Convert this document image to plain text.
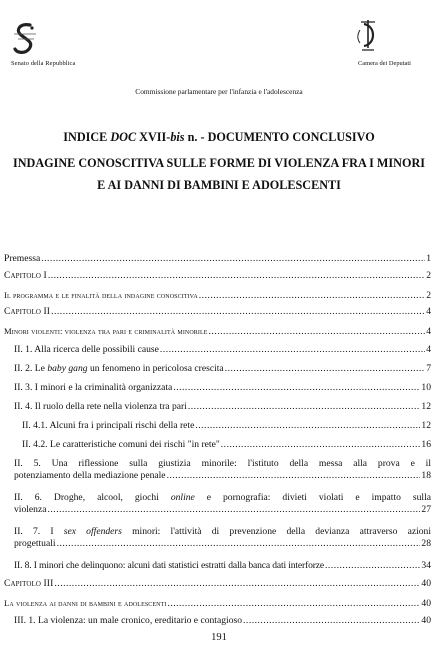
Senato della Repubblica	Camera dei Deputati
Commissione parlamentare per l'infanzia e l'adolescenza
INDICE DOC XVII-bis n. - DOCUMENTO CONCLUSIVO
INDAGINE CONOSCITIVA SULLE FORME DI VIOLENZA FRA I MINORI
E AI DANNI DI BAMBINI E ADOLESCENTI
Premessa .....	1
Capitolo I .....	2
Il programma e le finalità della indagine conoscitiva .....	2
Capitolo II .....	4
Minori violenti: violenza tra pari e criminalità minorile .....	4
II. 1. Alla ricerca delle possibili cause .....	4
II. 2. Le baby gang un fenomeno in pericolosa crescita .....	7
II. 3. I minori e la criminalità organizzata .....	10
II. 4. Il ruolo della rete nella violenza tra pari .....	12
II. 4.1. Alcuni fra i principali rischi della rete .....	12
II. 4.2. Le caratteristiche comuni dei rischi "in rete" .....	16
II. 5. Una riflessione sulla giustizia minorile: l'istituto della messa alla prova e il
potenziamento della mediazione penale .....	18
II. 6. Droghe, alcool, giochi online e pornografia: divieti violati e impatto sulla
violenza .....	27
II. 7. I sex offenders minori: l'attività di prevenzione della devianza attraverso azioni
progettuali .....	28
II. 8. I minori che delinquono: alcuni dati statistici estratti dalla banca dati interforze .....	34
Capitolo III .....	40
La violenza ai danni di bambini e adolescenti .....	40
III. 1. La violenza: un male cronico, ereditario e contagioso .....	40
191
